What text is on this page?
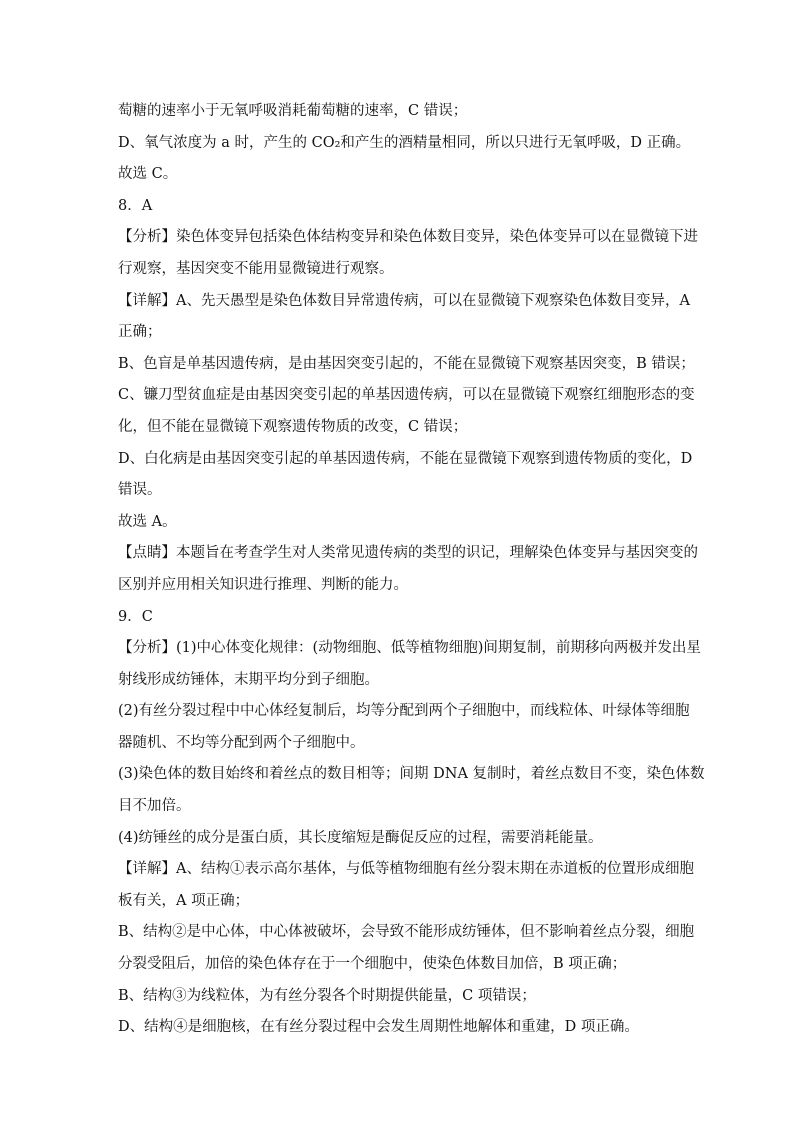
萄糖的速率小于无氧呼吸消耗葡萄糖的速率，C 错误；
D、氧气浓度为 a 时，产生的 CO₂和产生的酒精量相同，所以只进行无氧呼吸，D 正确。
故选 C。
8．A
【分析】染色体变异包括染色体结构变异和染色体数目变异，染色体变异可以在显微镜下进
行观察，基因突变不能用显微镜进行观察。
【详解】A、先天愚型是染色体数目异常遗传病，可以在显微镜下观察染色体数目变异，A
正确；
B、色盲是单基因遗传病，是由基因突变引起的，不能在显微镜下观察基因突变，B 错误；
C、镰刀型贫血症是由基因突变引起的单基因遗传病，可以在显微镜下观察红细胞形态的变
化，但不能在显微镜下观察遗传物质的改变，C 错误；
D、白化病是由基因突变引起的单基因遗传病，不能在显微镜下观察到遗传物质的变化，D
错误。
故选 A。
【点睛】本题旨在考查学生对人类常见遗传病的类型的识记，理解染色体变异与基因突变的
区别并应用相关知识进行推理、判断的能力。
9．C
【分析】(1)中心体变化规律：(动物细胞、低等植物细胞)间期复制，前期移向两极并发出星
射线形成纺锤体，末期平均分到子细胞。
(2)有丝分裂过程中中心体经复制后，均等分配到两个子细胞中，而线粒体、叶绿体等细胞
器随机、不均等分配到两个子细胞中。
(3)染色体的数目始终和着丝点的数目相等；间期 DNA 复制时，着丝点数目不变，染色体数
目不加倍。
(4)纺锤丝的成分是蛋白质，其长度缩短是酶促反应的过程，需要消耗能量。
【详解】A、结构①表示高尔基体，与低等植物细胞有丝分裂末期在赤道板的位置形成细胞
板有关，A 项正确；
B、结构②是中心体，中心体被破坏，会导致不能形成纺锤体，但不影响着丝点分裂，细胞
分裂受阻后，加倍的染色体存在于一个细胞中，使染色体数目加倍，B 项正确；
B、结构③为线粒体，为有丝分裂各个时期提供能量，C 项错误；
D、结构④是细胞核，在有丝分裂过程中会发生周期性地解体和重建，D 项正确。
